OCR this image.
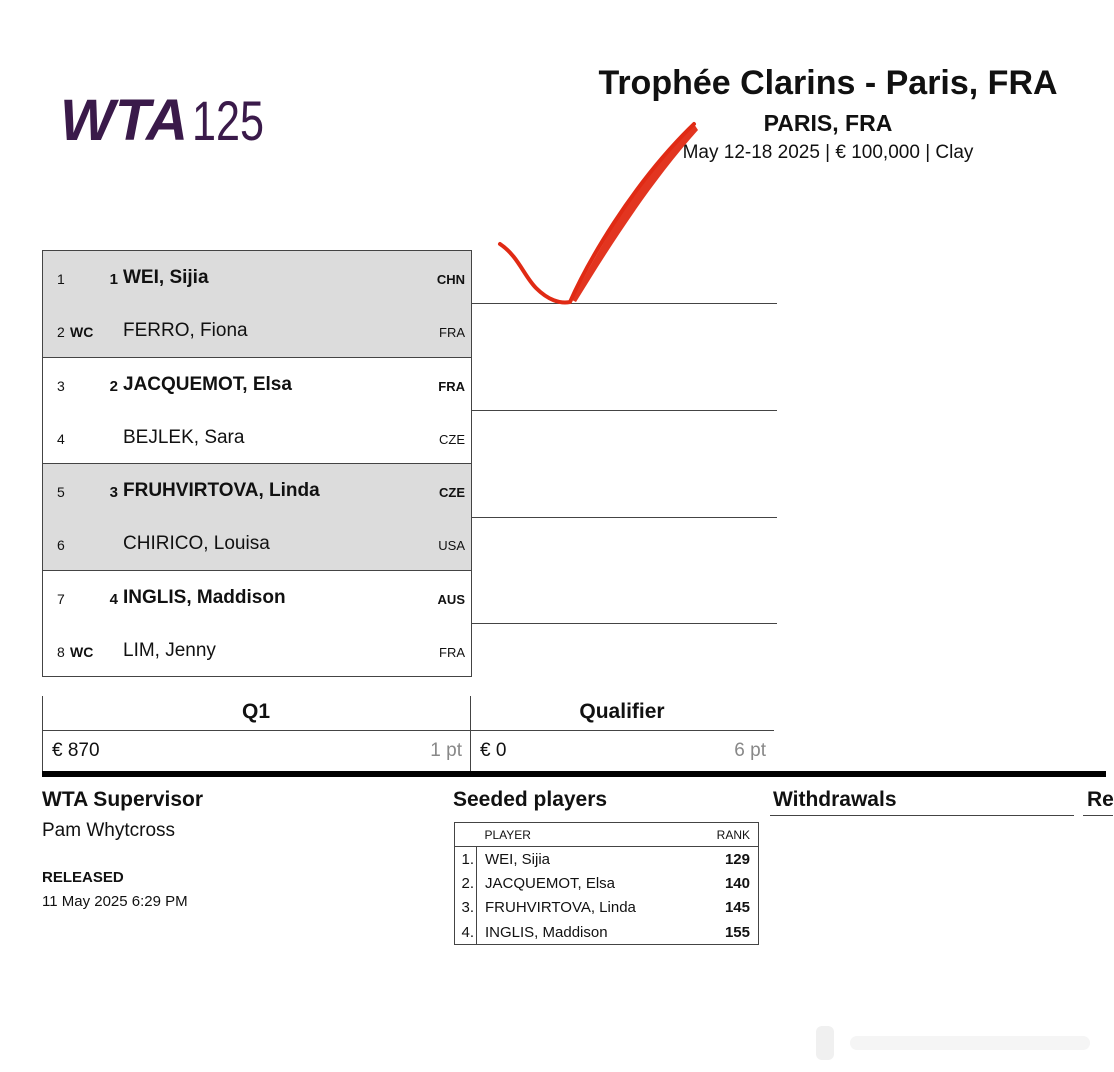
WTA 125
Trophée Clarins - Paris, FRA
PARIS, FRA
May 12-18 2025 | € 100,000 | Clay
1	1 WEI, Sijia	CHN
2 WC FERRO, Fiona	FRA
3	2 JACQUEMOT, Elsa	FRA
4	BEJLEK, Sara	CZE
5	3 FRUHVIRTOVA, Linda	CZE
6	CHIRICO, Louisa	USA
7	4 INGLIS, Maddison	AUS
8 WC LIM, Jenny	FRA
Q1
€ 870	1 pt
Qualifier
€ 0	6 pt
WTA Supervisor
Pam Whytcross
RELEASED
11 May 2025 6:29 PM
Seeded players
	PLAYER	RANK
1.	WEI, Sijia	129
2.	JACQUEMOT, Elsa	140
3.	FRUHVIRTOVA, Linda	145
4.	INGLIS, Maddison	155
Withdrawals	Re
